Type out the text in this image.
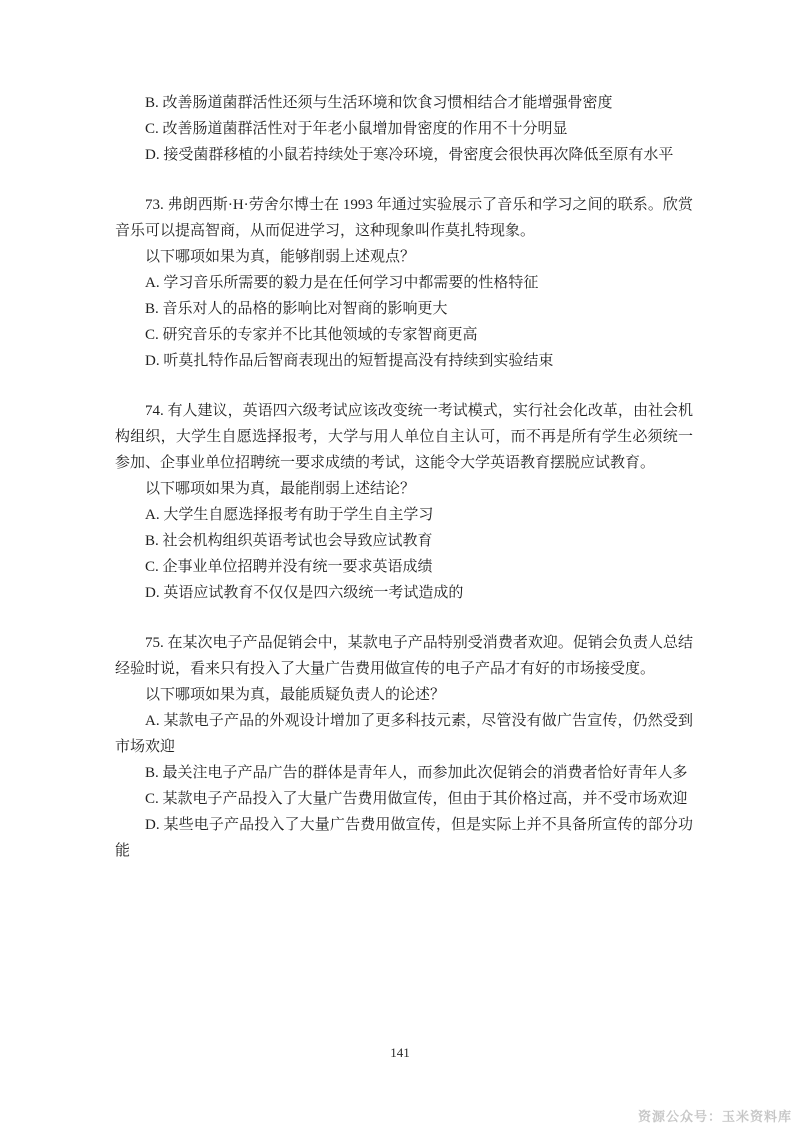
B. 改善肠道菌群活性还须与生活环境和饮食习惯相结合才能增强骨密度

C. 改善肠道菌群活性对于年老小鼠增加骨密度的作用不十分明显

D. 接受菌群移植的小鼠若持续处于寒冷环境，骨密度会很快再次降低至原有水平

73. 弗朗西斯·H·劳舍尔博士在 1993 年通过实验展示了音乐和学习之间的联系。欣赏音乐可以提高智商，从而促进学习，这种现象叫作莫扎特现象。

以下哪项如果为真，能够削弱上述观点？

A. 学习音乐所需要的毅力是在任何学习中都需要的性格特征

B. 音乐对人的品格的影响比对智商的影响更大

C. 研究音乐的专家并不比其他领域的专家智商更高

D. 听莫扎特作品后智商表现出的短暂提高没有持续到实验结束

74. 有人建议，英语四六级考试应该改变统一考试模式，实行社会化改革，由社会机构组织，大学生自愿选择报考，大学与用人单位自主认可，而不再是所有学生必须统一参加、企事业单位招聘统一要求成绩的考试，这能令大学英语教育摆脱应试教育。

以下哪项如果为真，最能削弱上述结论？

A. 大学生自愿选择报考有助于学生自主学习

B. 社会机构组织英语考试也会导致应试教育

C. 企事业单位招聘并没有统一要求英语成绩

D. 英语应试教育不仅仅是四六级统一考试造成的

75. 在某次电子产品促销会中，某款电子产品特别受消费者欢迎。促销会负责人总结经验时说，看来只有投入了大量广告费用做宣传的电子产品才有好的市场接受度。

以下哪项如果为真，最能质疑负责人的论述？

A. 某款电子产品的外观设计增加了更多科技元素，尽管没有做广告宣传，仍然受到市场欢迎

B. 最关注电子产品广告的群体是青年人，而参加此次促销会的消费者恰好青年人多

C. 某款电子产品投入了大量广告费用做宣传，但由于其价格过高，并不受市场欢迎

D. 某些电子产品投入了大量广告费用做宣传，但是实际上并不具备所宣传的部分功能

141
资源公众号：玉米资料库
